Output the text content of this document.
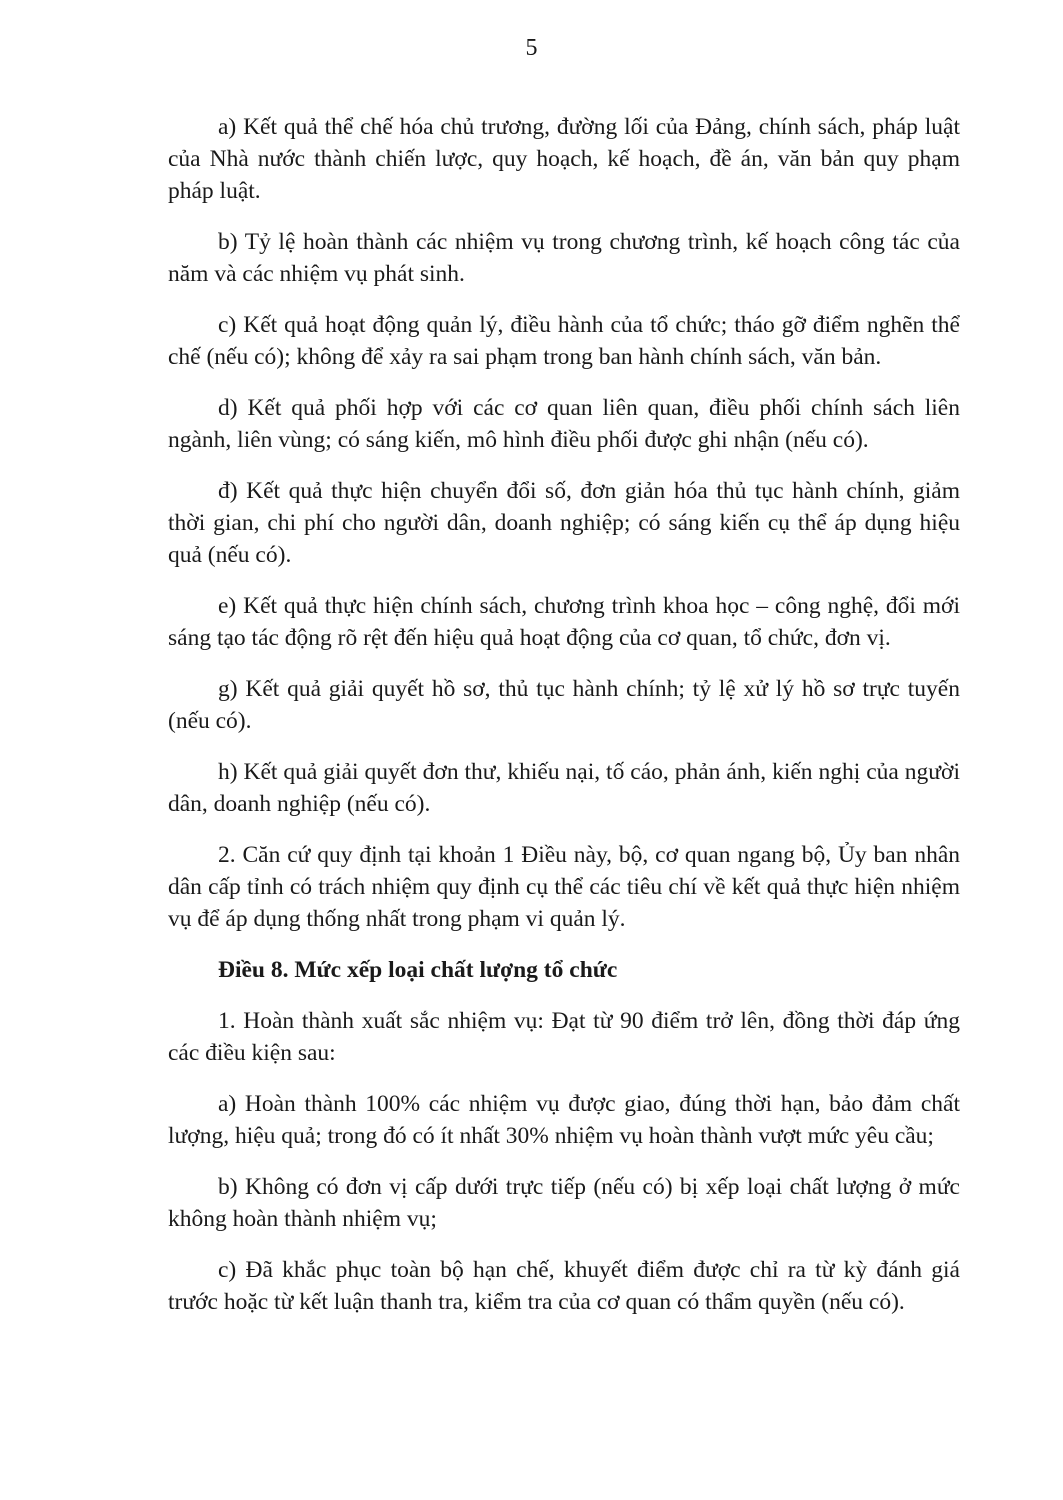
5

a) Kết quả thể chế hóa chủ trương, đường lối của Đảng, chính sách, pháp luật của Nhà nước thành chiến lược, quy hoạch, kế hoạch, đề án, văn bản quy phạm pháp luật.

b) Tỷ lệ hoàn thành các nhiệm vụ trong chương trình, kế hoạch công tác của năm và các nhiệm vụ phát sinh.

c) Kết quả hoạt động quản lý, điều hành của tổ chức; tháo gỡ điểm nghẽn thể chế (nếu có); không để xảy ra sai phạm trong ban hành chính sách, văn bản.

d) Kết quả phối hợp với các cơ quan liên quan, điều phối chính sách liên ngành, liên vùng; có sáng kiến, mô hình điều phối được ghi nhận (nếu có).

đ) Kết quả thực hiện chuyển đổi số, đơn giản hóa thủ tục hành chính, giảm thời gian, chi phí cho người dân, doanh nghiệp; có sáng kiến cụ thể áp dụng hiệu quả (nếu có).

e) Kết quả thực hiện chính sách, chương trình khoa học – công nghệ, đổi mới sáng tạo tác động rõ rệt đến hiệu quả hoạt động của cơ quan, tổ chức, đơn vị.

g) Kết quả giải quyết hồ sơ, thủ tục hành chính; tỷ lệ xử lý hồ sơ trực tuyến (nếu có).

h) Kết quả giải quyết đơn thư, khiếu nại, tố cáo, phản ánh, kiến nghị của người dân, doanh nghiệp (nếu có).

2. Căn cứ quy định tại khoản 1 Điều này, bộ, cơ quan ngang bộ, Ủy ban nhân dân cấp tỉnh có trách nhiệm quy định cụ thể các tiêu chí về kết quả thực hiện nhiệm vụ để áp dụng thống nhất trong phạm vi quản lý.

Điều 8. Mức xếp loại chất lượng tổ chức

1. Hoàn thành xuất sắc nhiệm vụ: Đạt từ 90 điểm trở lên, đồng thời đáp ứng các điều kiện sau:

a) Hoàn thành 100% các nhiệm vụ được giao, đúng thời hạn, bảo đảm chất lượng, hiệu quả; trong đó có ít nhất 30% nhiệm vụ hoàn thành vượt mức yêu cầu;

b) Không có đơn vị cấp dưới trực tiếp (nếu có) bị xếp loại chất lượng ở mức không hoàn thành nhiệm vụ;

c) Đã khắc phục toàn bộ hạn chế, khuyết điểm được chỉ ra từ kỳ đánh giá trước hoặc từ kết luận thanh tra, kiểm tra của cơ quan có thẩm quyền (nếu có).
